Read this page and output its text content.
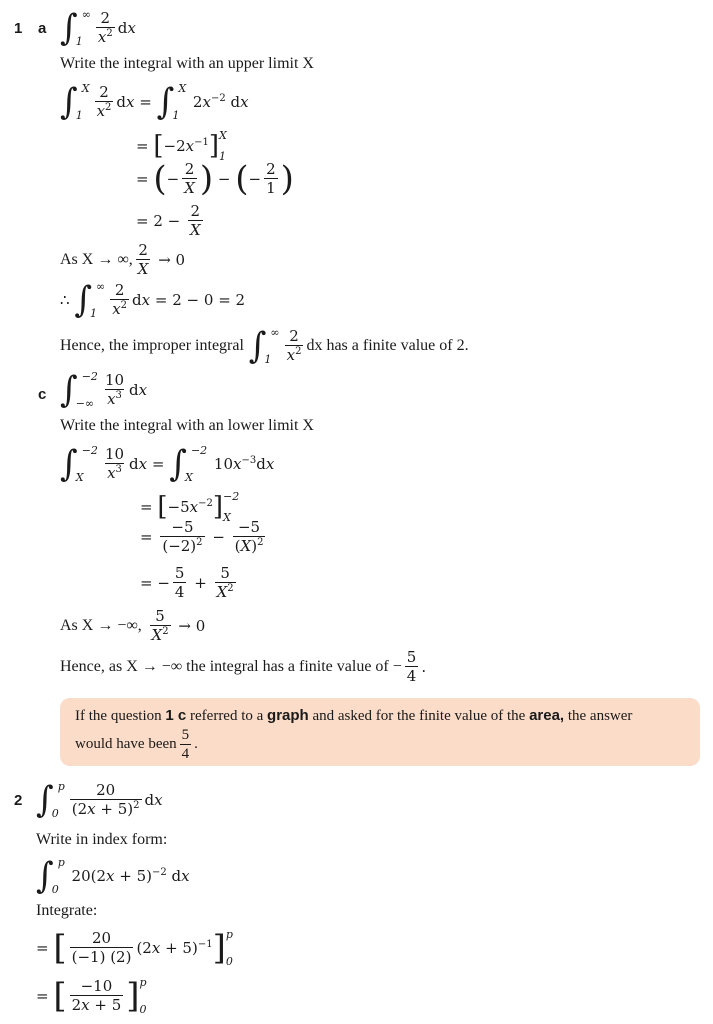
1 a ∫ ∞
$1 \frac{2}{x^2}$ dx
Write the integral with an upper limit X
∫ X
$1 \frac{2}{x^2}$ dx = ∫ X
1
$2x^{-2}$ dx
= [ $-2x^{-1}$ ] X
1
= ( − $\frac{2}{X}$ ) − ( − $\frac{2}{1}$ )
= $2 - \frac{2}{X}$
As X → ∞, $\frac{2}{X} \to 0$
∴ ∫ ∞
$1 \frac{2}{x^2}$ dx = 2 − 0 = 2
Hence, the improper integral
∫ ∞
$1 \frac{2}{x^2}$ dx has a finite value of 2.
c ∫ −2
−∞ $\frac{10}{x^3}$ dx
Write the integral with an lower limit X
∫ −2
X	$\frac{10}{x^3}$ dx = ∫ −2
X
$10x^{-3}dx$
= [ $-5x^{-2}$ ] −2
X
= $\frac{-5}{(-2)^2} - \frac{-5}{(X)^2}$
= − $\frac{5}{4} + \frac{5}{X^2}$
As X → −∞,
$\frac{5}{X^2} \to 0$
Hence, as X → −∞ the integral has a finite value of − $\frac{5}{4}$ .
If the question 1 c referred to a graph and asked for the finite value of the area, the answer
would have been $\frac{5}{4}$ .
2 ∫ p
$0 \frac{20}{(2x + 5)^2}$ dx
Write in index form:
∫ p
0
$20(2x + 5)^{-2}$ dx
Integrate:
= [ $\frac{20}{(-1) (2)} (2x + 5)^{-1}$ ] p
0
= [ $\frac{-10}{2x + 5}$ ] p
0
